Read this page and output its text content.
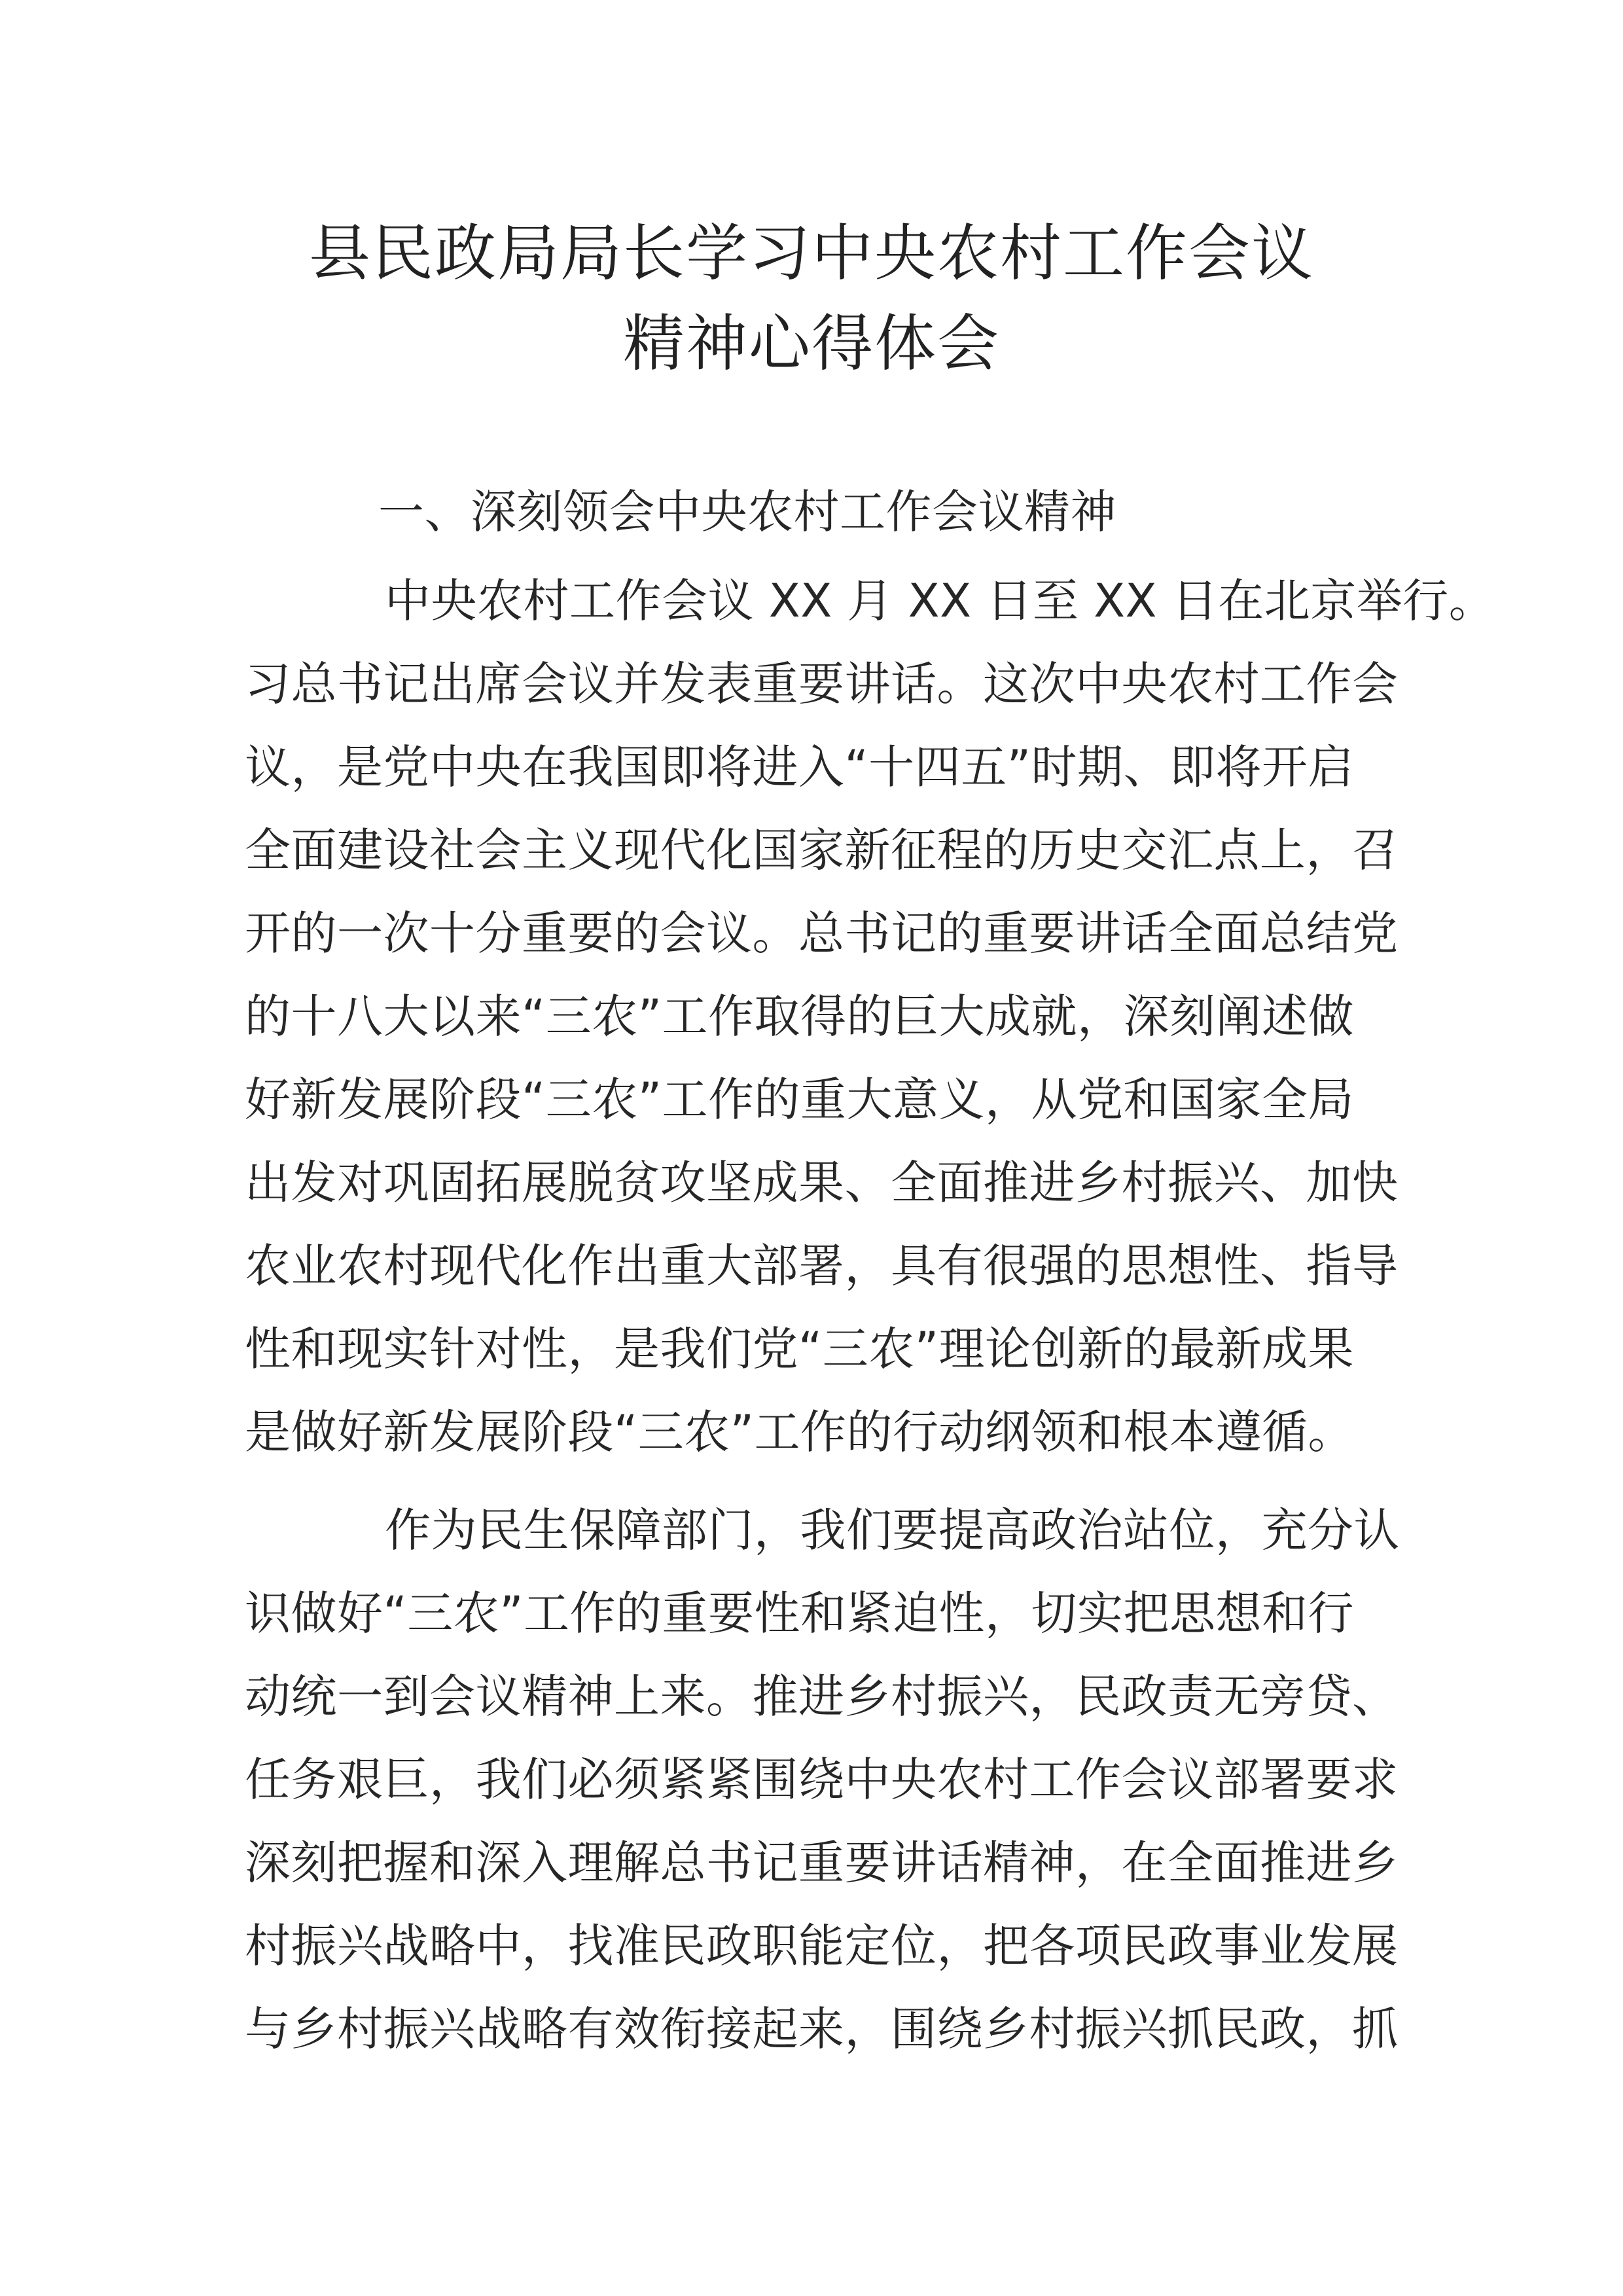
县民政局局长学习中央农村工作会议
精神心得体会
一、深刻领会中央农村工作会议精神
中央农村工作会议 XX 月 XX 日至 XX 日在北京举行。
习总书记出席会议并发表重要讲话。这次中央农村工作会
议，是党中央在我国即将进入“十四五”时期、即将开启
全面建设社会主义现代化国家新征程的历史交汇点上，召
开的一次十分重要的会议。总书记的重要讲话全面总结党
的十八大以来“三农”工作取得的巨大成就，深刻阐述做
好新发展阶段“三农”工作的重大意义，从党和国家全局
出发对巩固拓展脱贫攻坚成果、全面推进乡村振兴、加快
农业农村现代化作出重大部署，具有很强的思想性、指导
性和现实针对性，是我们党“三农”理论创新的最新成果
是做好新发展阶段“三农”工作的行动纲领和根本遵循。
作为民生保障部门，我们要提高政治站位，充分认
识做好“三农”工作的重要性和紧迫性，切实把思想和行
动统一到会议精神上来。推进乡村振兴，民政责无旁贷、
任务艰巨，我们必须紧紧围绕中央农村工作会议部署要求
深刻把握和深入理解总书记重要讲话精神，在全面推进乡
村振兴战略中，找准民政职能定位，把各项民政事业发展
与乡村振兴战略有效衔接起来，围绕乡村振兴抓民政，抓
